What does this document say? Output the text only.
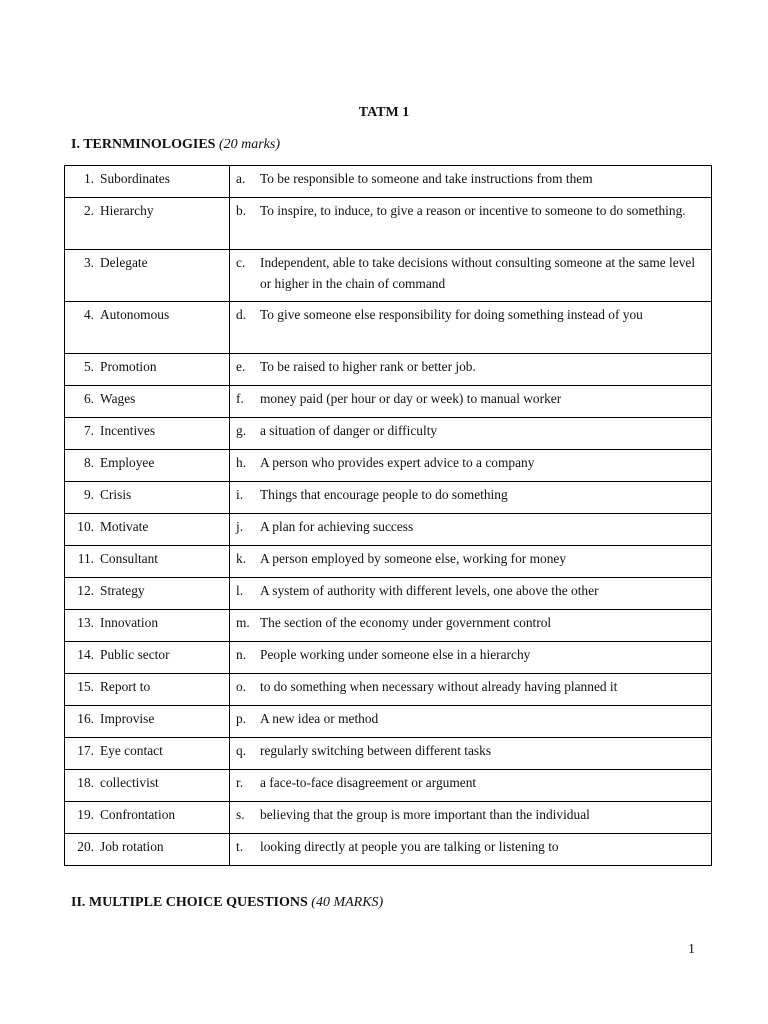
TATM 1
I. TERNMINOLOGIES (20 marks)
1. Subordinates	a. To be responsible to someone and take instructions from them

2. Hierarchy	b. To inspire, to induce, to give a reason or incentive to someone to do something.

3. Delegate	c. Independent, able to take decisions without consulting someone at the same level or higher in the chain of command

4. Autonomous	d. To give someone else responsibility for doing something instead of you

5. Promotion	e. To be raised to higher rank or better job.

6. Wages	f. money paid (per hour or day or week) to manual worker

7. Incentives	g. a situation of danger or difficulty

8. Employee	h. A person who provides expert advice to a company

9. Crisis	i. Things that encourage people to do something

10. Motivate	j. A plan for achieving success

11. Consultant	k. A person employed by someone else, working for money

12. Strategy	l. A system of authority with different levels, one above the other

13. Innovation	m. The section of the economy under government control

14. Public sector	n. People working under someone else in a hierarchy

15. Report to	o. to do something when necessary without already having planned it

16. Improvise	p. A new idea or method

17. Eye contact	q. regularly switching between different tasks

18. collectivist	r. a face-to-face disagreement or argument

19. Confrontation	s. believing that the group is more important than the individual

20. Job rotation	t. looking directly at people you are talking or listening to
II. MULTIPLE CHOICE QUESTIONS (40 MARKS)
1
